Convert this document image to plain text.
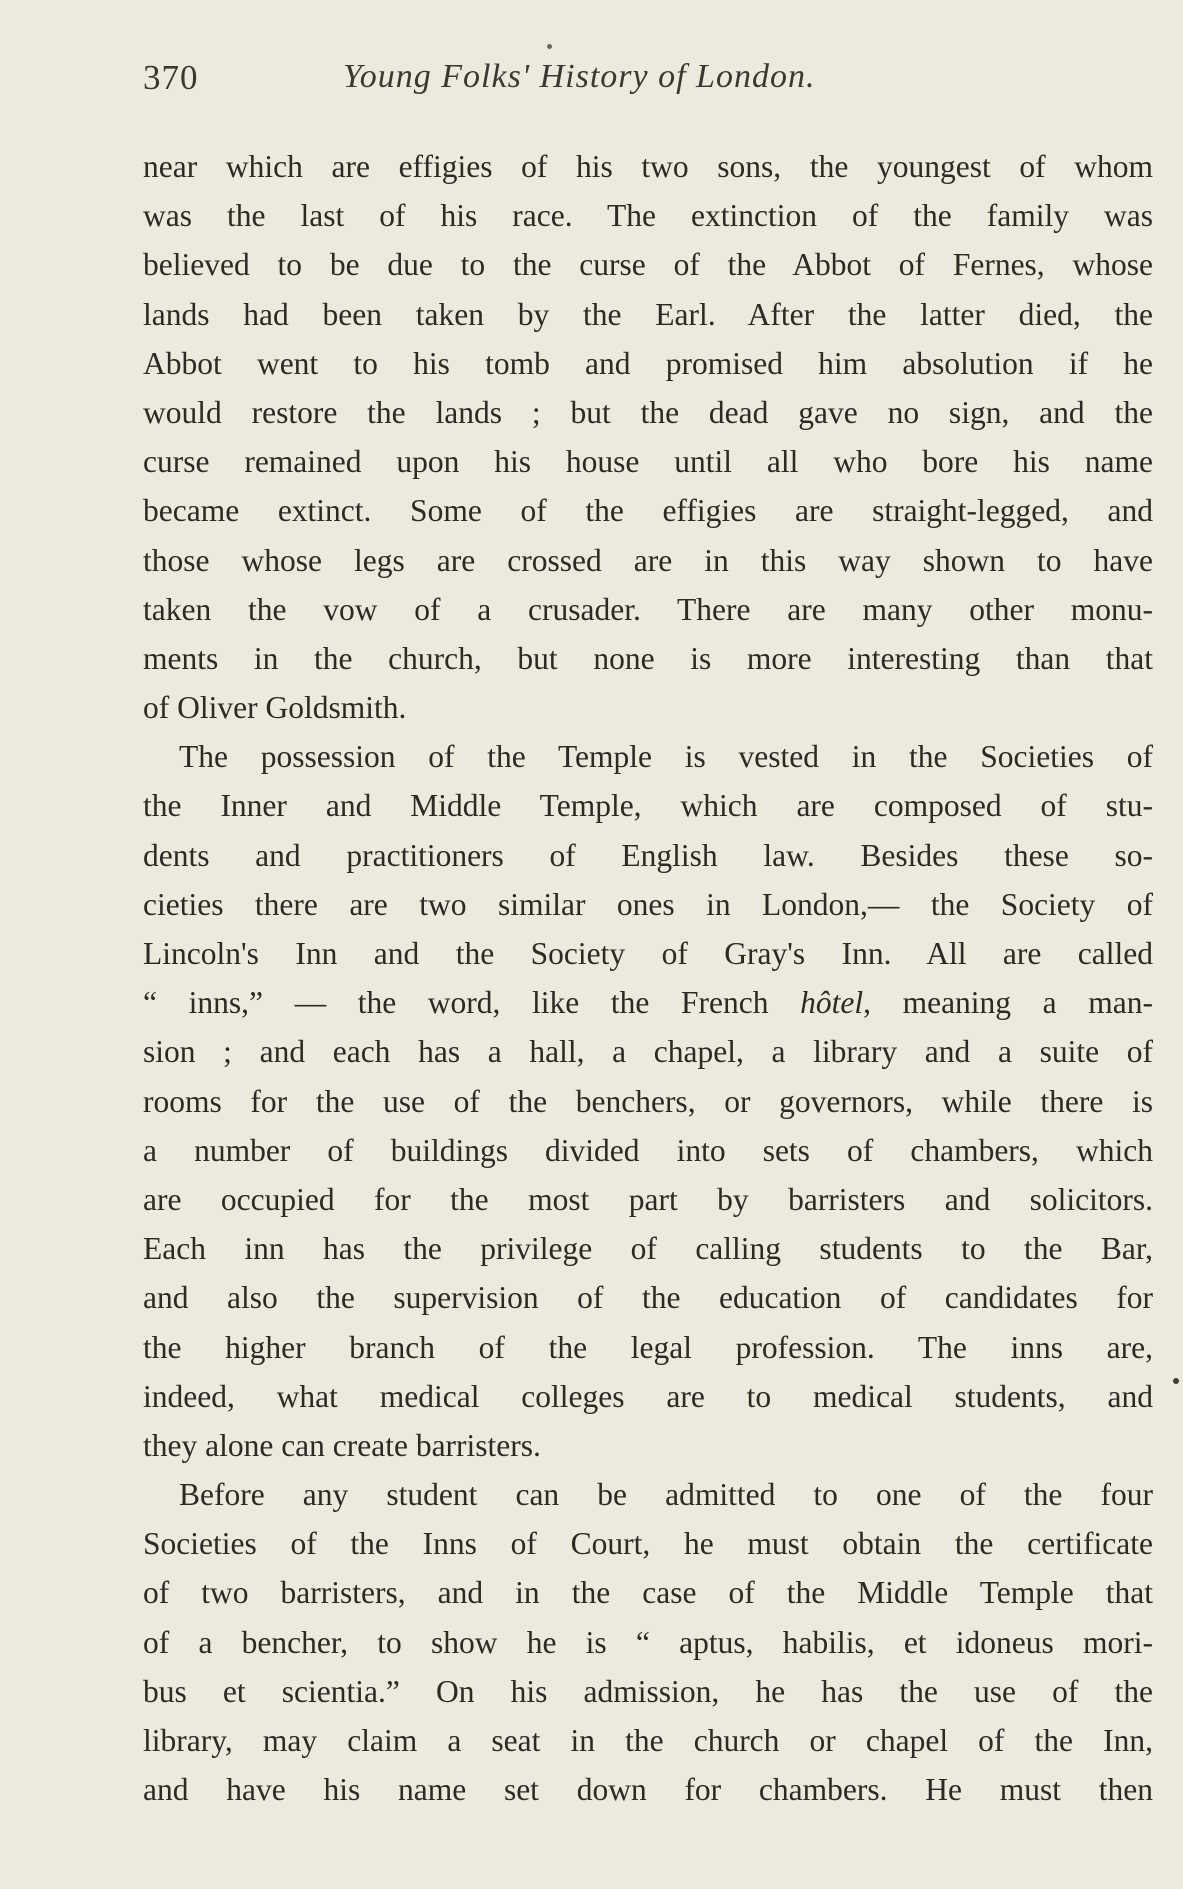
370	Young Folks' History of London.
near which are effigies of his two sons, the youngest of whom
was the last of his race. The extinction of the family was
believed to be due to the curse of the Abbot of Fernes, whose
lands had been taken by the Earl. After the latter died, the
Abbot went to his tomb and promised him absolution if he
would restore the lands ; but the dead gave no sign, and the
curse remained upon his house until all who bore his name
became extinct. Some of the effigies are straight-legged, and
those whose legs are crossed are in this way shown to have
taken the vow of a crusader. There are many other monu-
ments in the church, but none is more interesting than that
of Oliver Goldsmith.
The possession of the Temple is vested in the Societies of
the Inner and Middle Temple, which are composed of stu-
dents and practitioners of English law. Besides these so-
cieties there are two similar ones in London,— the Society of
Lincoln's Inn and the Society of Gray's Inn. All are called
“ inns,” — the word, like the French hôtel, meaning a man-
sion ; and each has a hall, a chapel, a library and a suite of
rooms for the use of the benchers, or governors, while there is
a number of buildings divided into sets of chambers, which
are occupied for the most part by barristers and solicitors.
Each inn has the privilege of calling students to the Bar,
and also the supervision of the education of candidates for
the higher branch of the legal profession. The inns are,
indeed, what medical colleges are to medical students, and
they alone can create barristers.
Before any student can be admitted to one of the four
Societies of the Inns of Court, he must obtain the certificate
of two barristers, and in the case of the Middle Temple that
of a bencher, to show he is “ aptus, habilis, et idoneus mori-
bus et scientia.” On his admission, he has the use of the
library, may claim a seat in the church or chapel of the Inn,
and have his name set down for chambers. He must then
